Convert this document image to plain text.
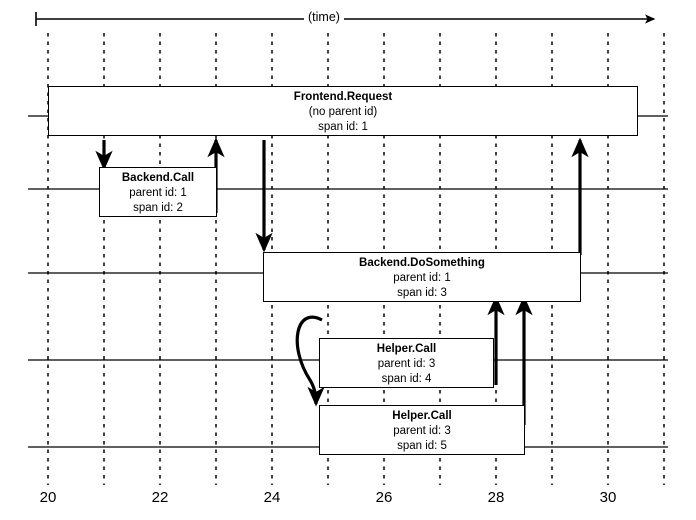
Frontend.Request
(no parent id)
span id: 1
Backend.Call
parent id: 1
span id: 2
Backend.DoSomething
parent id: 1
span id: 3
Helper.Call
parent id: 3
span id: 4
Helper.Call
parent id: 3
span id: 5
(time)
20	22	24	26	28	30
